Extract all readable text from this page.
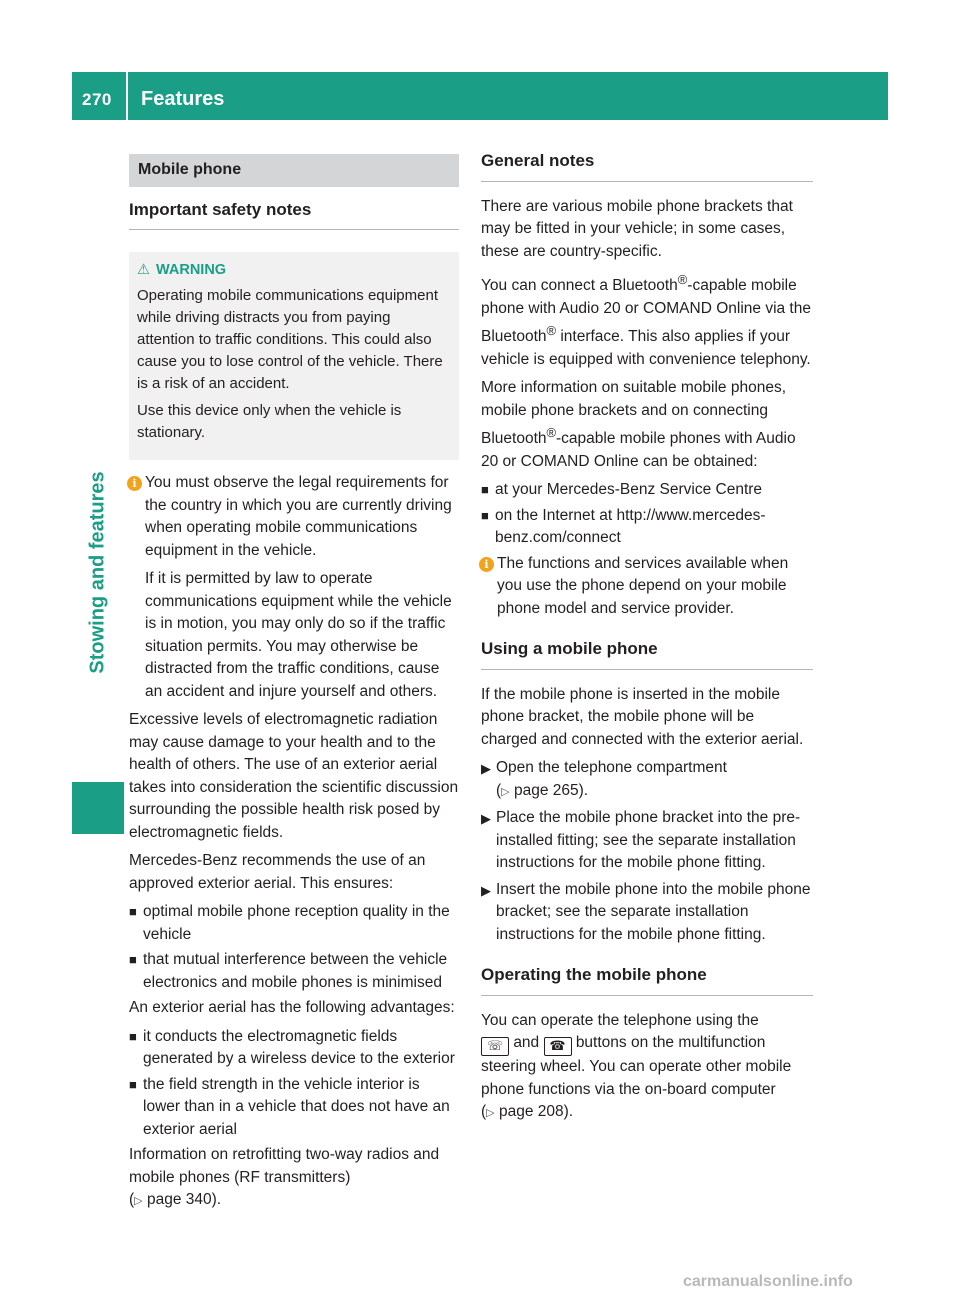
270	Features
Stowing and features
Mobile phone
Important safety notes
⚠ WARNING
Operating mobile communications equipment while driving distracts you from paying attention to traffic conditions. This could also cause you to lose control of the vehicle. There is a risk of an accident.
Use this device only when the vehicle is stationary.
i You must observe the legal requirements for the country in which you are currently driving when operating mobile communications equipment in the vehicle.
If it is permitted by law to operate communications equipment while the vehicle is in motion, you may only do so if the traffic situation permits. You may otherwise be distracted from the traffic conditions, cause an accident and injure yourself and others.
Excessive levels of electromagnetic radiation may cause damage to your health and to the health of others. The use of an exterior aerial takes into consideration the scientific discussion surrounding the possible health risk posed by electromagnetic fields.
Mercedes-Benz recommends the use of an approved exterior aerial. This ensures:
■ optimal mobile phone reception quality in the vehicle
■ that mutual interference between the vehicle electronics and mobile phones is minimised
An exterior aerial has the following advantages:
■ it conducts the electromagnetic fields generated by a wireless device to the exterior
■ the field strength in the vehicle interior is lower than in a vehicle that does not have an exterior aerial
Information on retrofitting two-way radios and mobile phones (RF transmitters)
(▷ page 340).
General notes
There are various mobile phone brackets that may be fitted in your vehicle; in some cases, these are country-specific.
You can connect a Bluetooth®-capable mobile phone with Audio 20 or COMAND Online via the Bluetooth® interface. This also applies if your vehicle is equipped with convenience telephony.
More information on suitable mobile phones, mobile phone brackets and on connecting Bluetooth®-capable mobile phones with Audio 20 or COMAND Online can be obtained:
■ at your Mercedes-Benz Service Centre
■ on the Internet at http://www.mercedes-benz.com/connect
i The functions and services available when you use the phone depend on your mobile phone model and service provider.
Using a mobile phone
If the mobile phone is inserted in the mobile phone bracket, the mobile phone will be charged and connected with the exterior aerial.
▶ Open the telephone compartment
(▷ page 265).
▶ Place the mobile phone bracket into the pre-installed fitting; see the separate installation instructions for the mobile phone fitting.
▶ Insert the mobile phone into the mobile phone bracket; see the separate installation instructions for the mobile phone fitting.
Operating the mobile phone
You can operate the telephone using the
☏ and ☎ buttons on the multifunction steering wheel. You can operate other mobile phone functions via the on-board computer
(▷ page 208).
carmanualsonline.info
